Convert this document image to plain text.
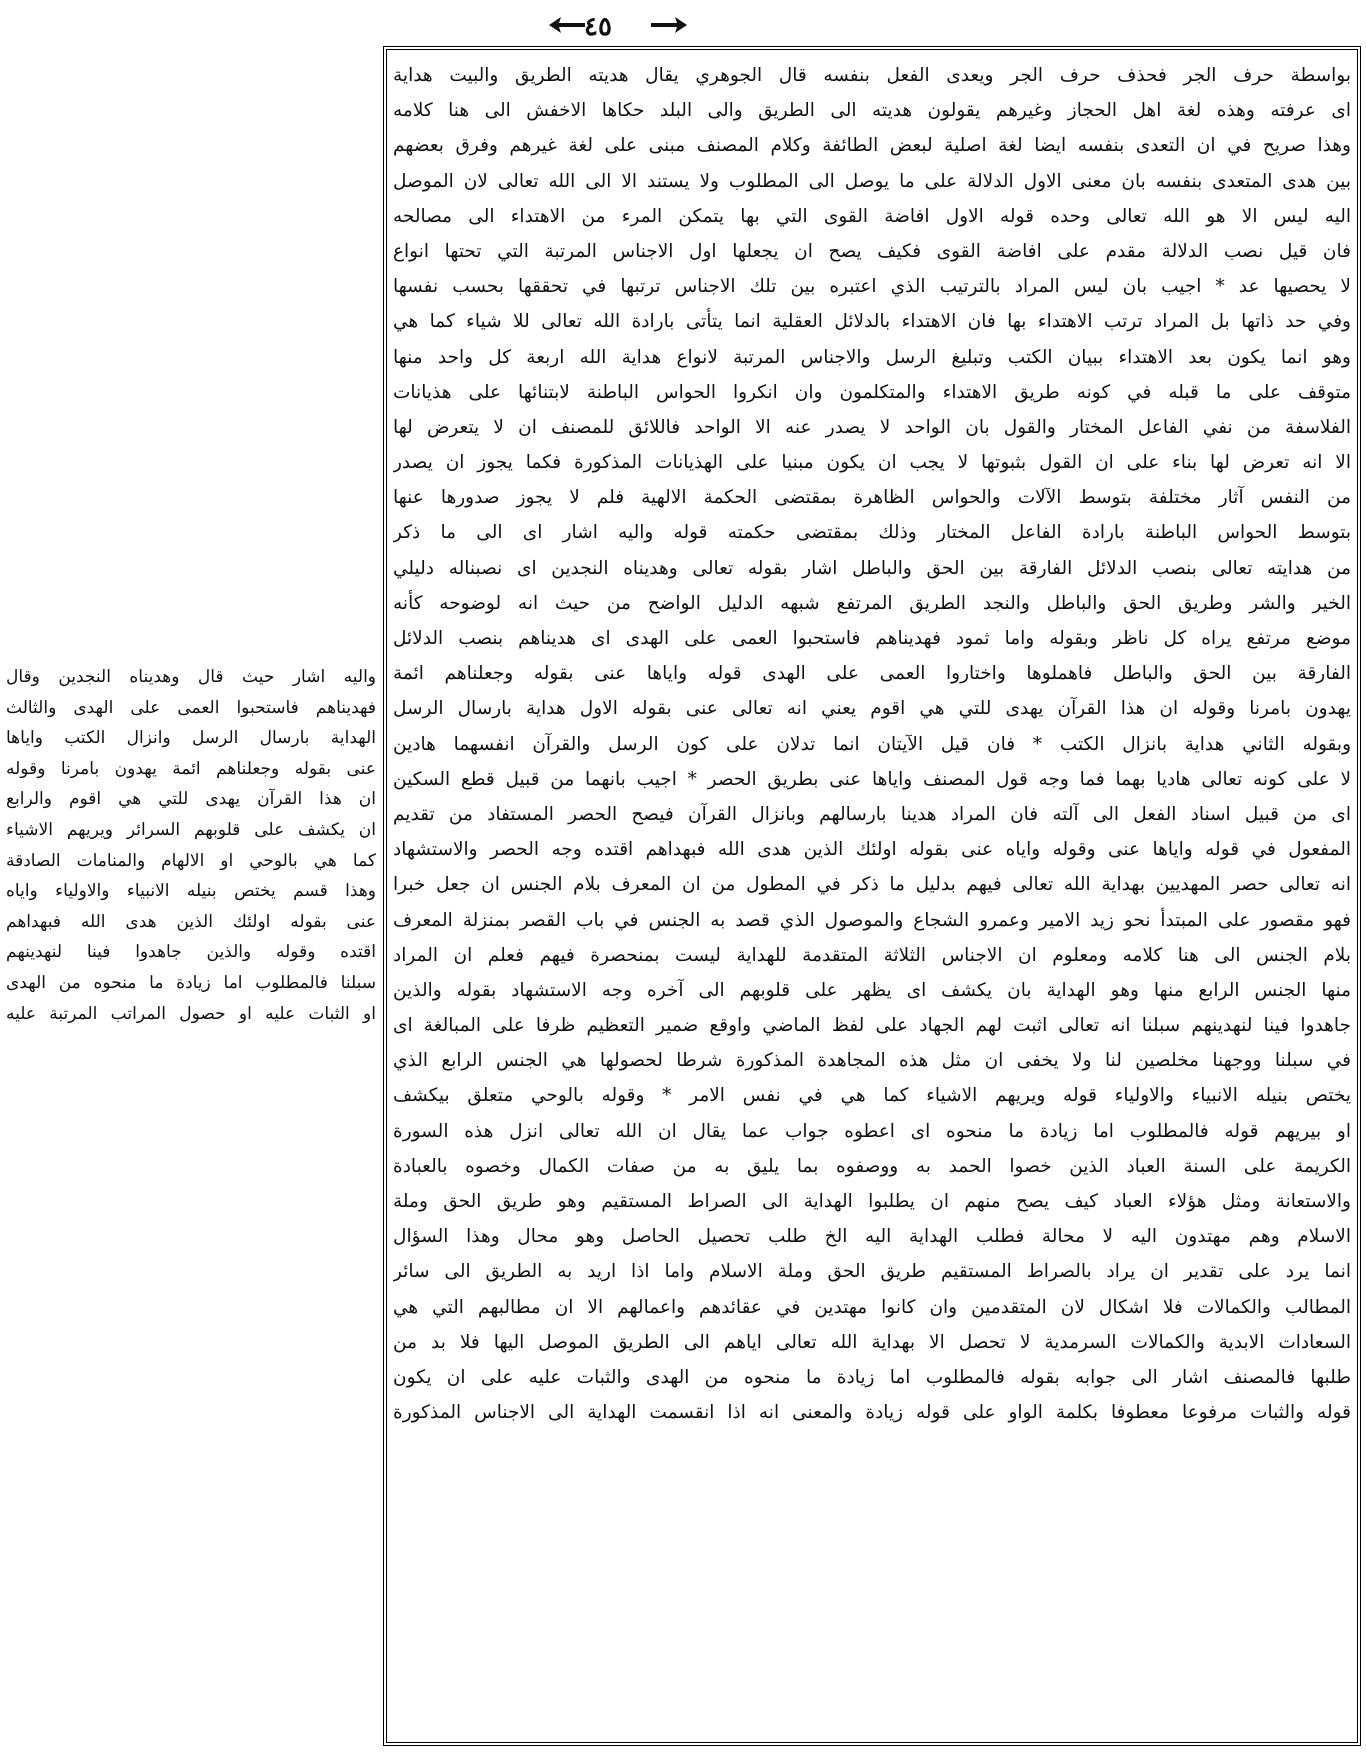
٤٥
بواسطة حرف الجر فحذف حرف الجر ويعدى الفعل بنفسه قال الجوهري يقال هديته الطريق والبيت هداية
اى عرفته وهذه لغة اهل الحجاز وغيرهم يقولون هديته الى الطريق والى البلد حكاها الاخفش الى هنا كلامه
وهذا صريح في ان التعدى بنفسه ايضا لغة اصلية لبعض الطائفة وكلام المصنف مبنى على لغة غيرهم وفرق بعضهم
بين هدى المتعدى بنفسه بان معنى الاول الدلالة على ما يوصل الى المطلوب ولا يستند الا الى الله تعالى لان الموصل
اليه ليس الا هو الله تعالى وحده قوله الاول افاضة القوى التي بها يتمكن المرء من الاهتداء الى مصالحه
فان قيل نصب الدلالة مقدم على افاضة القوى فكيف يصح ان يجعلها اول الاجناس المرتبة التي تحتها انواع
لا يحصيها عد * اجيب بان ليس المراد بالترتيب الذي اعتبره بين تلك الاجناس ترتبها في تحققها بحسب نفسها
وفي حد ذاتها بل المراد ترتب الاهتداء بها فان الاهتداء بالدلائل العقلية انما يتأتى بارادة الله تعالى للا شياء كما هي
وهو انما يكون بعد الاهتداء ببيان الكتب وتبليغ الرسل والاجناس المرتبة لانواع هداية الله اربعة كل واحد منها
متوقف على ما قبله في كونه طريق الاهتداء والمتكلمون وان انكروا الحواس الباطنة لابتنائها على هذيانات
الفلاسفة من نفي الفاعل المختار والقول بان الواحد لا يصدر عنه الا الواحد فاللائق للمصنف ان لا يتعرض لها
الا انه تعرض لها بناء على ان القول بثبوتها لا يجب ان يكون مبنيا على الهذيانات المذكورة فكما يجوز ان يصدر
من النفس آثار مختلفة بتوسط الآلات والحواس الظاهرة بمقتضى الحكمة الالهية فلم لا يجوز صدورها عنها
بتوسط الحواس الباطنة بارادة الفاعل المختار وذلك بمقتضى حكمته قوله واليه اشار اى الى ما ذكر
من هدايته تعالى بنصب الدلائل الفارقة بين الحق والباطل اشار بقوله تعالى وهديناه النجدين اى نصبناله دليلي
الخير والشر وطريق الحق والباطل والنجد الطريق المرتفع شبهه الدليل الواضح من حيث انه لوضوحه كأنه
موضع مرتفع يراه كل ناظر وبقوله واما ثمود فهديناهم فاستحبوا العمى على الهدى اى هديناهم بنصب الدلائل
الفارقة بين الحق والباطل فاهملوها واختاروا العمى على الهدى قوله واياها عنى بقوله وجعلناهم ائمة
يهدون بامرنا وقوله ان هذا القرآن يهدى للتي هي اقوم يعني انه تعالى عنى بقوله الاول هداية بارسال الرسل
وبقوله الثاني هداية بانزال الكتب * فان قيل الآيتان انما تدلان على كون الرسل والقرآن انفسهما هادين
لا على كونه تعالى هاديا بهما فما وجه قول المصنف واياها عنى بطريق الحصر * اجيب بانهما من قبيل قطع السكين
اى من قبيل اسناد الفعل الى آلته فان المراد هدينا بارسالهم وبانزال القرآن فيصح الحصر المستفاد من تقديم
المفعول في قوله واياها عنى وقوله واياه عنى بقوله اولئك الذين هدى الله فبهداهم اقتده وجه الحصر والاستشهاد
انه تعالى حصر المهديين بهداية الله تعالى فيهم بدليل ما ذكر في المطول من ان المعرف بلام الجنس ان جعل خبرا
فهو مقصور على المبتدأ نحو زيد الامير وعمرو الشجاع والموصول الذي قصد به الجنس في باب القصر بمنزلة المعرف
بلام الجنس الى هنا كلامه ومعلوم ان الاجناس الثلاثة المتقدمة للهداية ليست بمنحصرة فيهم فعلم ان المراد
منها الجنس الرابع منها وهو الهداية بان يكشف اى يظهر على قلوبهم الى آخره وجه الاستشهاد بقوله والذين
جاهدوا فينا لنهدينهم سبلنا انه تعالى اثبت لهم الجهاد على لفظ الماضي واوقع ضمير التعظيم ظرفا على المبالغة اى
في سبلنا ووجهنا مخلصين لنا ولا يخفى ان مثل هذه المجاهدة المذكورة شرطا لحصولها هي الجنس الرابع الذي
يختص بنيله الانبياء والاولياء قوله ويريهم الاشياء كما هي في نفس الامر * وقوله بالوحي متعلق بيكشف
او بيريهم قوله فالمطلوب اما زيادة ما منحوه اى اعطوه جواب عما يقال ان الله تعالى انزل هذه السورة
الكريمة على السنة العباد الذين خصوا الحمد به ووصفوه بما يليق به من صفات الكمال وخصوه بالعبادة
والاستعانة ومثل هؤلاء العباد كيف يصح منهم ان يطلبوا الهداية الى الصراط المستقيم وهو طريق الحق وملة
الاسلام وهم مهتدون اليه لا محالة فطلب الهداية اليه الخ طلب تحصيل الحاصل وهو محال وهذا السؤال
انما يرد على تقدير ان يراد بالصراط المستقيم طريق الحق وملة الاسلام واما اذا اريد به الطريق الى سائر
المطالب والكمالات فلا اشكال لان المتقدمين وان كانوا مهتدين في عقائدهم واعمالهم الا ان مطالبهم التي هي
السعادات الابدية والكمالات السرمدية لا تحصل الا بهداية الله تعالى اياهم الى الطريق الموصل اليها فلا بد من
طلبها فالمصنف اشار الى جوابه بقوله فالمطلوب اما زيادة ما منحوه من الهدى والثبات عليه على ان يكون
قوله والثبات مرفوعا معطوفا بكلمة الواو على قوله زيادة والمعنى انه اذا انقسمت الهداية الى الاجناس المذكورة
واليه اشار حيث قال وهديناه النجدين وقال
فهديناهم فاستحبوا العمى على الهدى والثالث
الهداية بارسال الرسل وانزال الكتب واياها
عنى بقوله وجعلناهم ائمة يهدون بامرنا وقوله
ان هذا القرآن يهدى للتي هي اقوم والرابع
ان يكشف على قلوبهم السرائر ويريهم الاشياء
كما هي بالوحي او الالهام والمنامات الصادقة
وهذا قسم يختص بنيله الانبياء والاولياء واياه
عنى بقوله اولئك الذين هدى الله فبهداهم
اقتده وقوله والذين جاهدوا فينا لنهدينهم
سبلنا فالمطلوب اما زيادة ما منحوه من الهدى
او الثبات عليه او حصول المراتب المرتبة عليه
